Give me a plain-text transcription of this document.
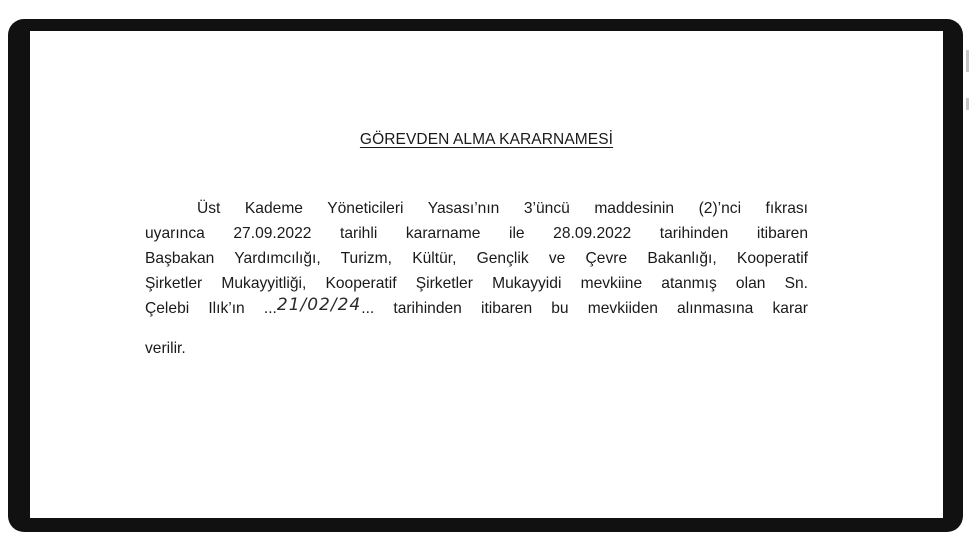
GÖREVDEN ALMA KARARNAMESİ
Üst Kademe Yöneticileri Yasası’nın 3’üncü maddesinin (2)’nci fıkrası
uyarınca 27.09.2022 tarihli kararname ile 28.09.2022 tarihinden itibaren
Başbakan Yardımcılığı, Turizm, Kültür, Gençlik ve Çevre Bakanlığı, Kooperatif
Şirketler Mukayyitliği, Kooperatif Şirketler Mukayyidi mevkiine atanmış olan Sn.
Çelebi Ilık’ın ...21/02/24... tarihinden itibaren bu mevkiiden alınmasına karar
verilir.
